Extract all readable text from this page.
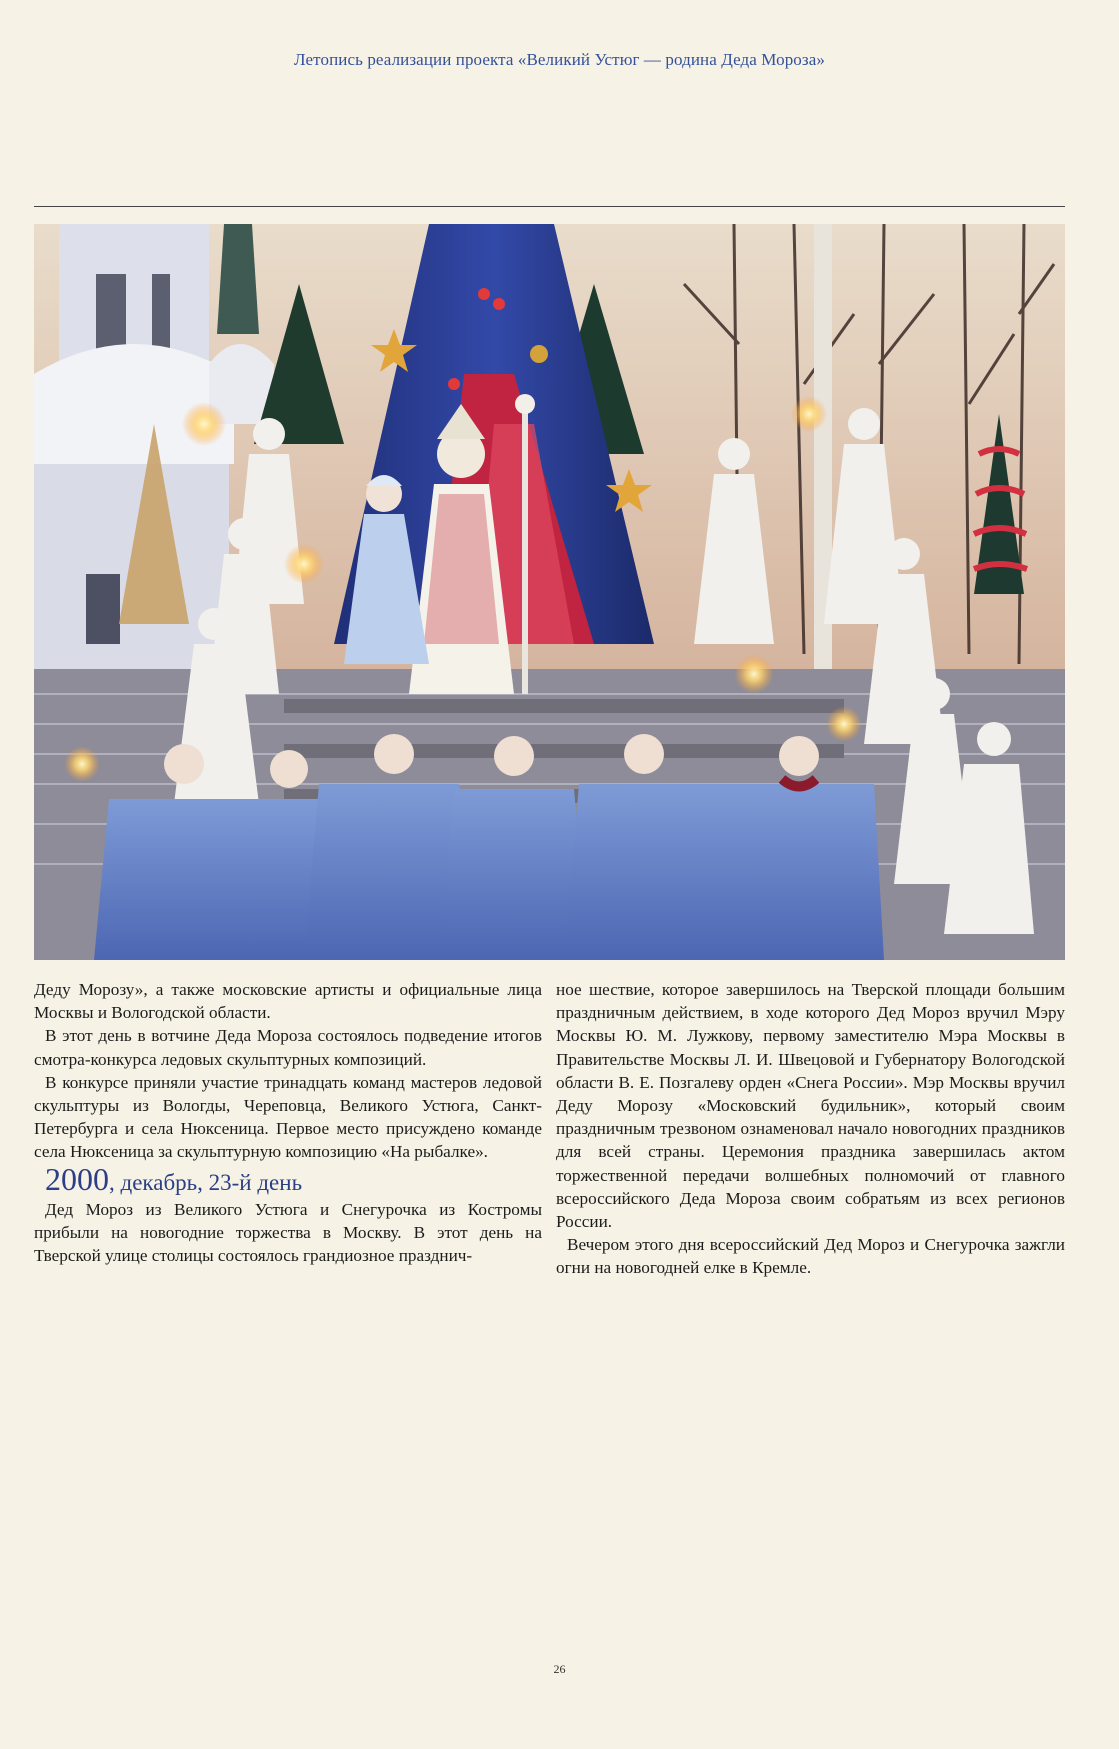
Летопись реализации проекта «Великий Устюг — родина Деда Мороза»

Деду Морозу», а также московские артисты и официальные лица Москвы и Вологодской области.

В этот день в вотчине Деда Мороза состоялось подведение итогов смотра-конкурса ледовых скульптурных композиций.

В конкурсе приняли участие тринадцать команд мастеров ледовой скульптуры из Вологды, Череповца, Великого Устюга, Санкт-Петербурга и села Нюксеница. Первое место присуждено команде села Нюксеница за скульптурную композицию «На рыбалке».

2000, декабрь, 23-й день

Дед Мороз из Великого Устюга и Снегурочка из Костромы прибыли на новогодние торжества в Москву. В этот день на Тверской улице столицы состоялось грандиозное празднич-

ное шествие, которое завершилось на Тверской площади большим праздничным действием, в ходе которого Дед Мороз вручил Мэру Москвы Ю. М. Лужкову, первому заместителю Мэра Москвы в Правительстве Москвы Л. И. Швецовой и Губернатору Вологодской области В. Е. Позгалеву орден «Снега России». Мэр Москвы вручил Деду Морозу «Московский будильник», который своим праздничным трезвоном ознаменовал начало новогодних праздников для всей страны. Церемония праздника завершилась актом торжественной передачи волшебных полномочий от главного всероссийского Деда Мороза своим собратьям из всех регионов России.

Вечером этого дня всероссийский Дед Мороз и Снегурочка зажгли огни на новогодней елке в Кремле.

26
